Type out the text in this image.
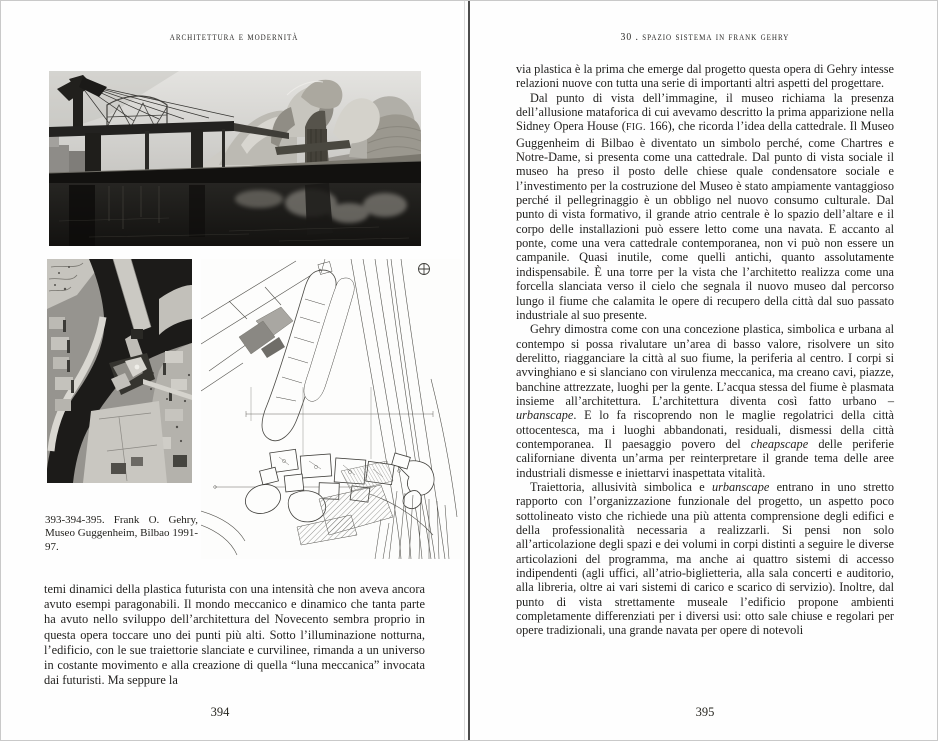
architettura e modernità
393-394-395. Frank O. Gehry, Museo Guggenheim, Bilbao 1991-97.

temi dinamici della plastica futurista con una intensità che non aveva ancora avuto esempi paragonabili. Il mondo meccanico e dinamico che tanta parte ha avuto nello sviluppo dell’architettura del Novecento sembra proprio in questa opera toccare uno dei punti più alti. Sotto l’illuminazione notturna, l’edificio, con le sue traiettorie slanciate e curvilinee, rimanda a un universo in costante movimento e alla creazione di quella “luna meccanica” invocata dai futuristi. Ma seppure la

394
30 . spazio sistema in frank gehry

via plastica è la prima che emerge dal progetto questa opera di Gehry intesse relazioni nuove con tutta una serie di importanti altri aspetti del progettare.

Dal punto di vista dell’immagine, il museo richiama la presenza dell’allusione mataforica di cui avevamo descritto la prima apparizione nella Sidney Opera House (FIG. 166), che ricorda l’idea della cattedrale. Il Museo Guggenheim di Bilbao è diventato un simbolo perché, come Chartres e Notre-Dame, si presenta come una cattedrale. Dal punto di vista sociale il museo ha preso il posto delle chiese quale condensatore sociale e l’investimento per la costruzione del Museo è stato ampiamente vantaggioso perché il pellegrinaggio è un obbligo nel nuovo consumo culturale. Dal punto di vista formativo, il grande atrio centrale è lo spazio dell’altare e il corpo delle installazioni può essere letto come una navata. E accanto al ponte, come una vera cattedrale contemporanea, non vi può non essere un campanile. Quasi inutile, come quelli antichi, quanto assolutamente indispensabile. È una torre per la vista che l’architetto realizza come una forcella slanciata verso il cielo che segnala il nuovo museo dal percorso lungo il fiume che calamita le opere di recupero della città dal suo passato industriale al suo presente.

Gehry dimostra come con una concezione plastica, simbolica e urbana al contempo si possa rivalutare un’area di basso valore, risolvere un sito derelitto, riagganciare la città al suo fiume, la periferia al centro. I corpi si avvinghiano e si slanciano con virulenza meccanica, ma creano cavi, piazze, banchine attrezzate, luoghi per la gente. L’acqua stessa del fiume è plasmata insieme all’architettura. L’architettura diventa così fatto urbano – urbanscape. E lo fa riscoprendo non le maglie regolatrici della città ottocentesca, ma i luoghi abbandonati, residuali, dismessi della città contemporanea. Il paesaggio povero del cheapscape delle periferie californiane diventa un’arma per reinterpretare il grande tema delle aree industriali dismesse e iniettarvi inaspettata vitalità.

Traiettoria, allusività simbolica e urbanscape entrano in uno stretto rapporto con l’organizzazione funzionale del progetto, un aspetto poco sottolineato visto che richiede una più attenta comprensione degli edifici e della professionalità necessaria a realizzarli. Si pensi non solo all’articolazione degli spazi e dei volumi in corpi distinti a seguire le diverse articolazioni del programma, ma anche ai quattro sistemi di accesso indipendenti (agli uffici, all’atrio-biglietteria, alla sala concerti e auditorio, alla libreria, oltre ai vari sistemi di carico e scarico di servizio). Inoltre, dal punto di vista strettamente museale l’edificio propone ambienti completamente differenziati per i diversi usi: otto sale chiuse e regolari per opere tradizionali, una grande navata per opere di notevoli

395
